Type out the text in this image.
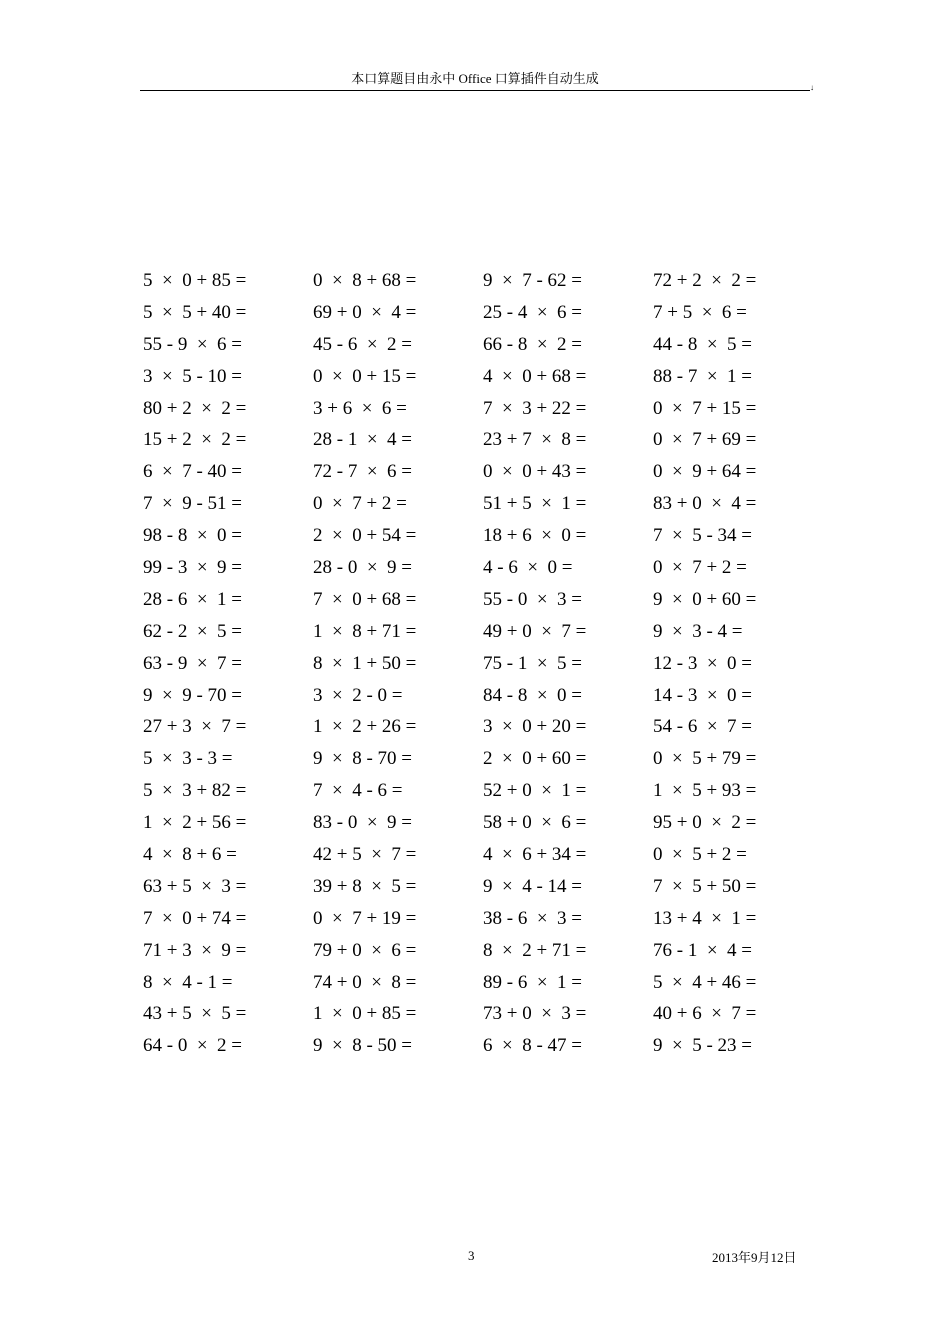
本口算题目由永中 Office 口算插件自动生成
↓
5  ×  0 + 85 =	0  ×  8 + 68 =	9  ×  7 - 62 =	72 + 2  ×  2 =
5  ×  5 + 40 =	69 + 0  ×  4 =	25 - 4  ×  6 =	7 + 5  ×  6 =
55 - 9  ×  6 =	45 - 6  ×  2 =	66 - 8  ×  2 =	44 - 8  ×  5 =
3  ×  5 - 10 =	0  ×  0 + 15 =	4  ×  0 + 68 =	88 - 7  ×  1 =
80 + 2  ×  2 =	3 + 6  ×  6 =	7  ×  3 + 22 =	0  ×  7 + 15 =
15 + 2  ×  2 =	28 - 1  ×  4 =	23 + 7  ×  8 =	0  ×  7 + 69 =
6  ×  7 - 40 =	72 - 7  ×  6 =	0  ×  0 + 43 =	0  ×  9 + 64 =
7  ×  9 - 51 =	0  ×  7 + 2 =	51 + 5  ×  1 =	83 + 0  ×  4 =
98 - 8  ×  0 =	2  ×  0 + 54 =	18 + 6  ×  0 =	7  ×  5 - 34 =
99 - 3  ×  9 =	28 - 0  ×  9 =	4 - 6  ×  0 =	0  ×  7 + 2 =
28 - 6  ×  1 =	7  ×  0 + 68 =	55 - 0  ×  3 =	9  ×  0 + 60 =
62 - 2  ×  5 =	1  ×  8 + 71 =	49 + 0  ×  7 =	9  ×  3 - 4 =
63 - 9  ×  7 =	8  ×  1 + 50 =	75 - 1  ×  5 =	12 - 3  ×  0 =
9  ×  9 - 70 =	3  ×  2 - 0 =	84 - 8  ×  0 =	14 - 3  ×  0 =
27 + 3  ×  7 =	1  ×  2 + 26 =	3  ×  0 + 20 =	54 - 6  ×  7 =
5  ×  3 - 3 =	9  ×  8 - 70 =	2  ×  0 + 60 =	0  ×  5 + 79 =
5  ×  3 + 82 =	7  ×  4 - 6 =	52 + 0  ×  1 =	1  ×  5 + 93 =
1  ×  2 + 56 =	83 - 0  ×  9 =	58 + 0  ×  6 =	95 + 0  ×  2 =
4  ×  8 + 6 =	42 + 5  ×  7 =	4  ×  6 + 34 =	0  ×  5 + 2 =
63 + 5  ×  3 =	39 + 8  ×  5 =	9  ×  4 - 14 =	7  ×  5 + 50 =
7  ×  0 + 74 =	0  ×  7 + 19 =	38 - 6  ×  3 =	13 + 4  ×  1 =
71 + 3  ×  9 =	79 + 0  ×  6 =	8  ×  2 + 71 =	76 - 1  ×  4 =
8  ×  4 - 1 =	74 + 0  ×  8 =	89 - 6  ×  1 =	5  ×  4 + 46 =
43 + 5  ×  5 =	1  ×  0 + 85 =	73 + 0  ×  3 =	40 + 6  ×  7 =
64 - 0  ×  2 =	9  ×  8 - 50 =	6  ×  8 - 47 =	9  ×  5 - 23 =
3	2013年9月12日
